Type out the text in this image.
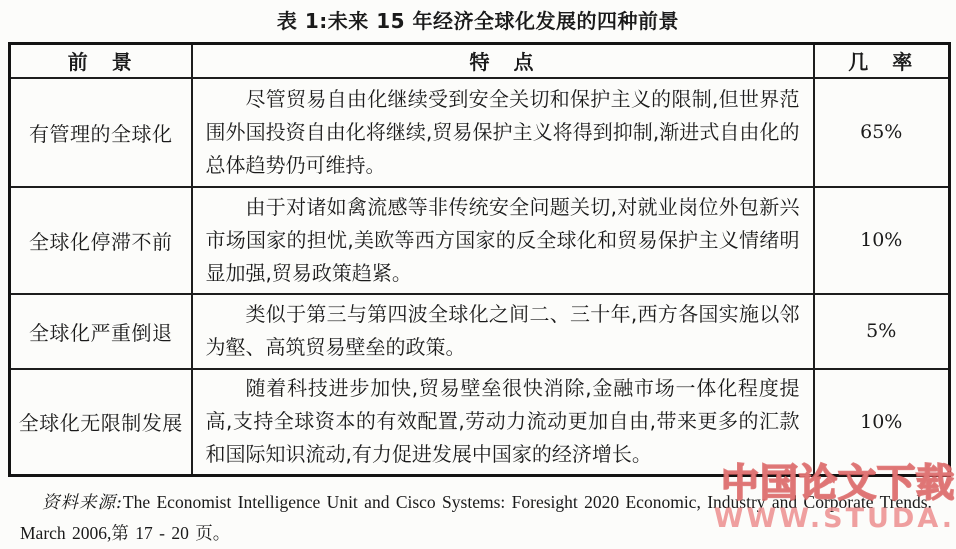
表 1:未来 15 年经济全球化发展的四种前景
前　景	特　点	几　率
有管理的全球化	尽管贸易自由化继续受到安全关切和保护主义的限制,但世界范围外国投资自由化将继续,贸易保护主义将得到抑制,渐进式自由化的总体趋势仍可维持。	65%
全球化停滞不前	由于对诸如禽流感等非传统安全问题关切,对就业岗位外包新兴市场国家的担忧,美欧等西方国家的反全球化和贸易保护主义情绪明显加强,贸易政策趋紧。	10%
全球化严重倒退	类似于第三与第四波全球化之间二、三十年,西方各国实施以邻为壑、高筑贸易壁垒的政策。	5%
全球化无限制发展	随着科技进步加快,贸易壁垒很快消除,金融市场一体化程度提高,支持全球资本的有效配置,劳动力流动更加自由,带来更多的汇款和国际知识流动,有力促进发展中国家的经济增长。	10%
资料来源:The Economist Intelligence Unit and Cisco Systems: Foresight 2020 Economic, Industry and Corporate Trends.
March 2006,第 17 - 20 页。
中国论文下载
WWW.STUDA.
